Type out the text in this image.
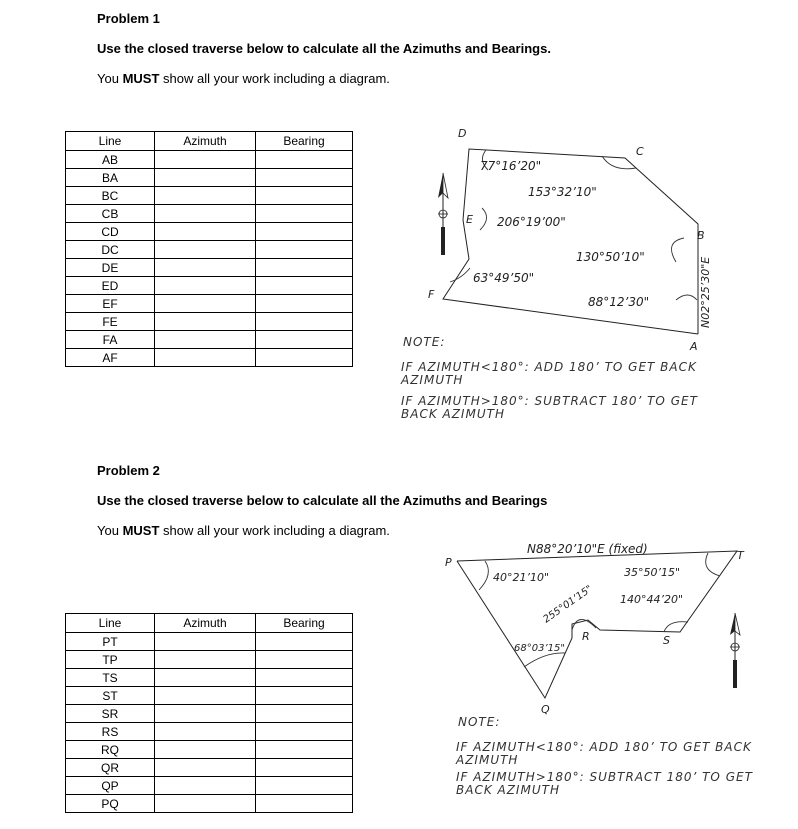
Problem 1
Use the closed traverse below to calculate all the Azimuths and Bearings.
You MUST show all your work including a diagram.
Line	Azimuth	Bearing
AB		
BA		
BC		
CB		
CD		
DC		
DE		
ED		
EF		
FE		
FA		
AF		
D
C
E
B
F
A
77°16’20"
153°32’10"
206°19’00"
130°50’10"
63°49’50"
88°12’30"	N02°25’30"E
NOTE:
IF AZIMUTH<180°: ADD 180’ TO GET BACK
AZIMUTH
IF AZIMUTH>180°: SUBTRACT 180’ TO GET
BACK AZIMUTH
Problem 2
Use the closed traverse below to calculate all the Azimuths and Bearings
You MUST show all your work including a diagram.
Line	Azimuth	Bearing
PT		
TP		
TS		
ST		
SR		
RS		
RQ		
QR		
QP		
PQ		
P
T
S
R
Q
N88°20’10"E (fixed)
40°21’10"	35°50’15"
140°44’20"
255°01’15"
68°03’15"
NOTE:
IF AZIMUTH<180°: ADD 180’ TO GET BACK
AZIMUTH
IF AZIMUTH>180°: SUBTRACT 180’ TO GET
BACK AZIMUTH
